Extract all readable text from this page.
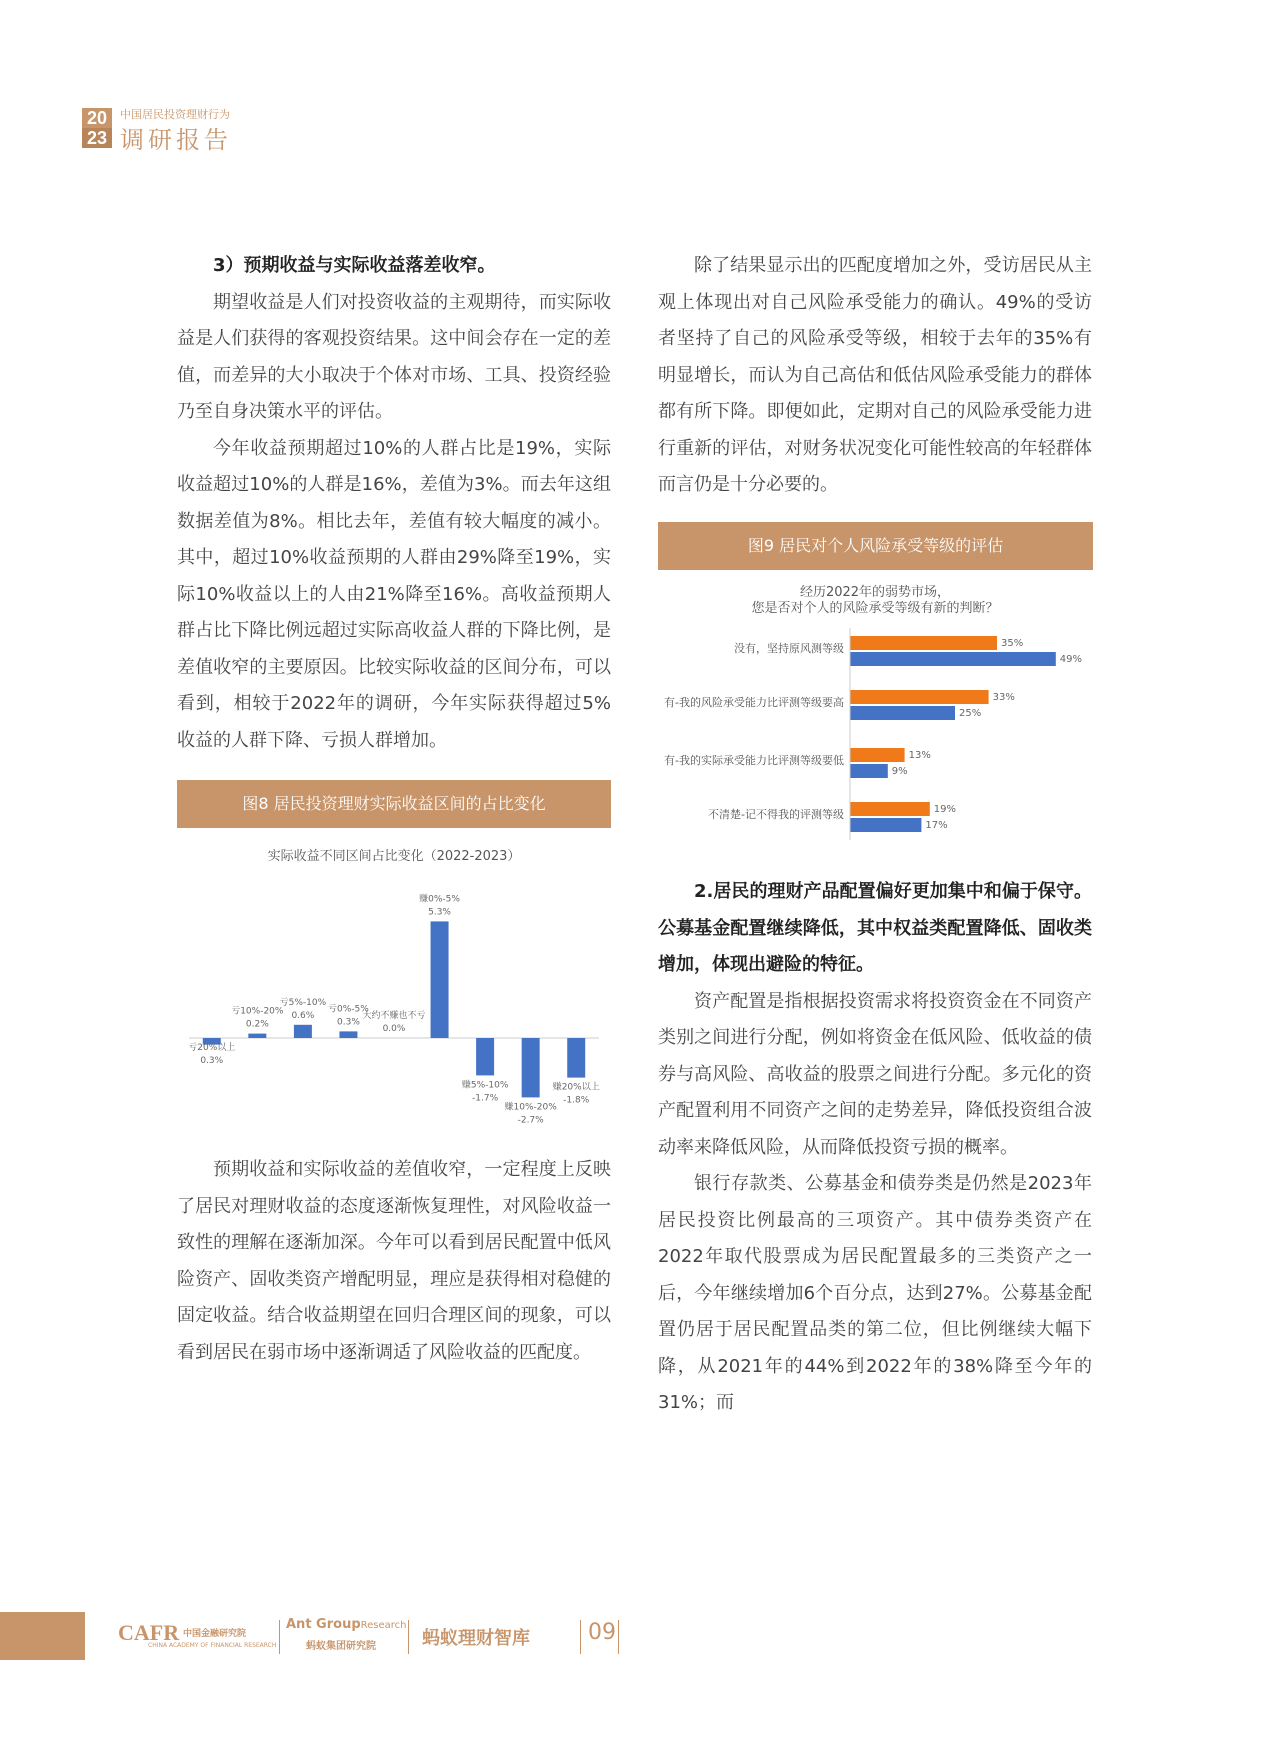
20
23
中国居民投资理财行为
调研报告

3）预期收益与实际收益落差收窄。

期望收益是人们对投资收益的主观期待，而实际收益是人们获得的客观投资结果。这中间会存在一定的差值，而差异的大小取决于个体对市场、工具、投资经验乃至自身决策水平的评估。

今年收益预期超过10%的人群占比是19%，实际收益超过10%的人群是16%，差值为3%。而去年这组数据差值为8%。相比去年，差值有较大幅度的减小。其中，超过10%收益预期的人群由29%降至19%，实际10%收益以上的人由21%降至16%。高收益预期人群占比下降比例远超过实际高收益人群的下降比例，是差值收窄的主要原因。比较实际收益的区间分布，可以看到，相较于2022年的调研，今年实际获得超过5%收益的人群下降、亏损人群增加。

图8 居民投资理财实际收益区间的占比变化
实际收益不同区间占比变化（2022-2023）
亏20%以上
0.3%
亏10%-20%
0.2%
亏5%-10%
0.6%
亏0%-5%
0.3%
大约不赚也不亏
0.0%
赚0%-5%
5.3%
赚5%-10%
-1.7%
赚10%-20%
-2.7%
赚20%以上
-1.8%

预期收益和实际收益的差值收窄，一定程度上反映了居民对理财收益的态度逐渐恢复理性，对风险收益一致性的理解在逐渐加深。今年可以看到居民配置中低风险资产、固收类资产增配明显，理应是获得相对稳健的固定收益。结合收益期望在回归合理区间的现象，可以看到居民在弱市场中逐渐调适了风险收益的匹配度。

除了结果显示出的匹配度增加之外，受访居民从主观上体现出对自己风险承受能力的确认。49%的受访者坚持了自己的风险承受等级，相较于去年的35%有明显增长，而认为自己高估和低估风险承受能力的群体都有所下降。即便如此，定期对自己的风险承受能力进行重新的评估，对财务状况变化可能性较高的年轻群体而言仍是十分必要的。

图9 居民对个人风险承受等级的评估
经历2022年的弱势市场，
您是否对个人的风险承受等级有新的判断？
没有，坚持原风测等级	35%
49%
有-我的风险承受能力比评测等级要高	33%
25%
有-我的实际承受能力比评测等级要低	13%
9%
不清楚-记不得我的评测等级	19%
17%

2.居民的理财产品配置偏好更加集中和偏于保守。公募基金配置继续降低，其中权益类配置降低、固收类增加，体现出避险的特征。

资产配置是指根据投资需求将投资资金在不同资产类别之间进行分配，例如将资金在低风险、低收益的债券与高风险、高收益的股票之间进行分配。多元化的资产配置利用不同资产之间的走势差异，降低投资组合波动率来降低风险，从而降低投资亏损的概率。

银行存款类、公募基金和债券类是仍然是2023年居民投资比例最高的三项资产。其中债券类资产在2022年取代股票成为居民配置最多的三类资产之一后，今年继续增加6个百分点，达到27%。公募基金配置仍居于居民配置品类的第二位，但比例继续大幅下降，从2021年的44%到2022年的38%降至今年的31%；而

CAFR 中国金融研究院
CHINA ACADEMY OF FINANCIAL RESEARCH
Ant GroupResearch
蚂蚁集团研究院	蚂蚁理财智库	09
